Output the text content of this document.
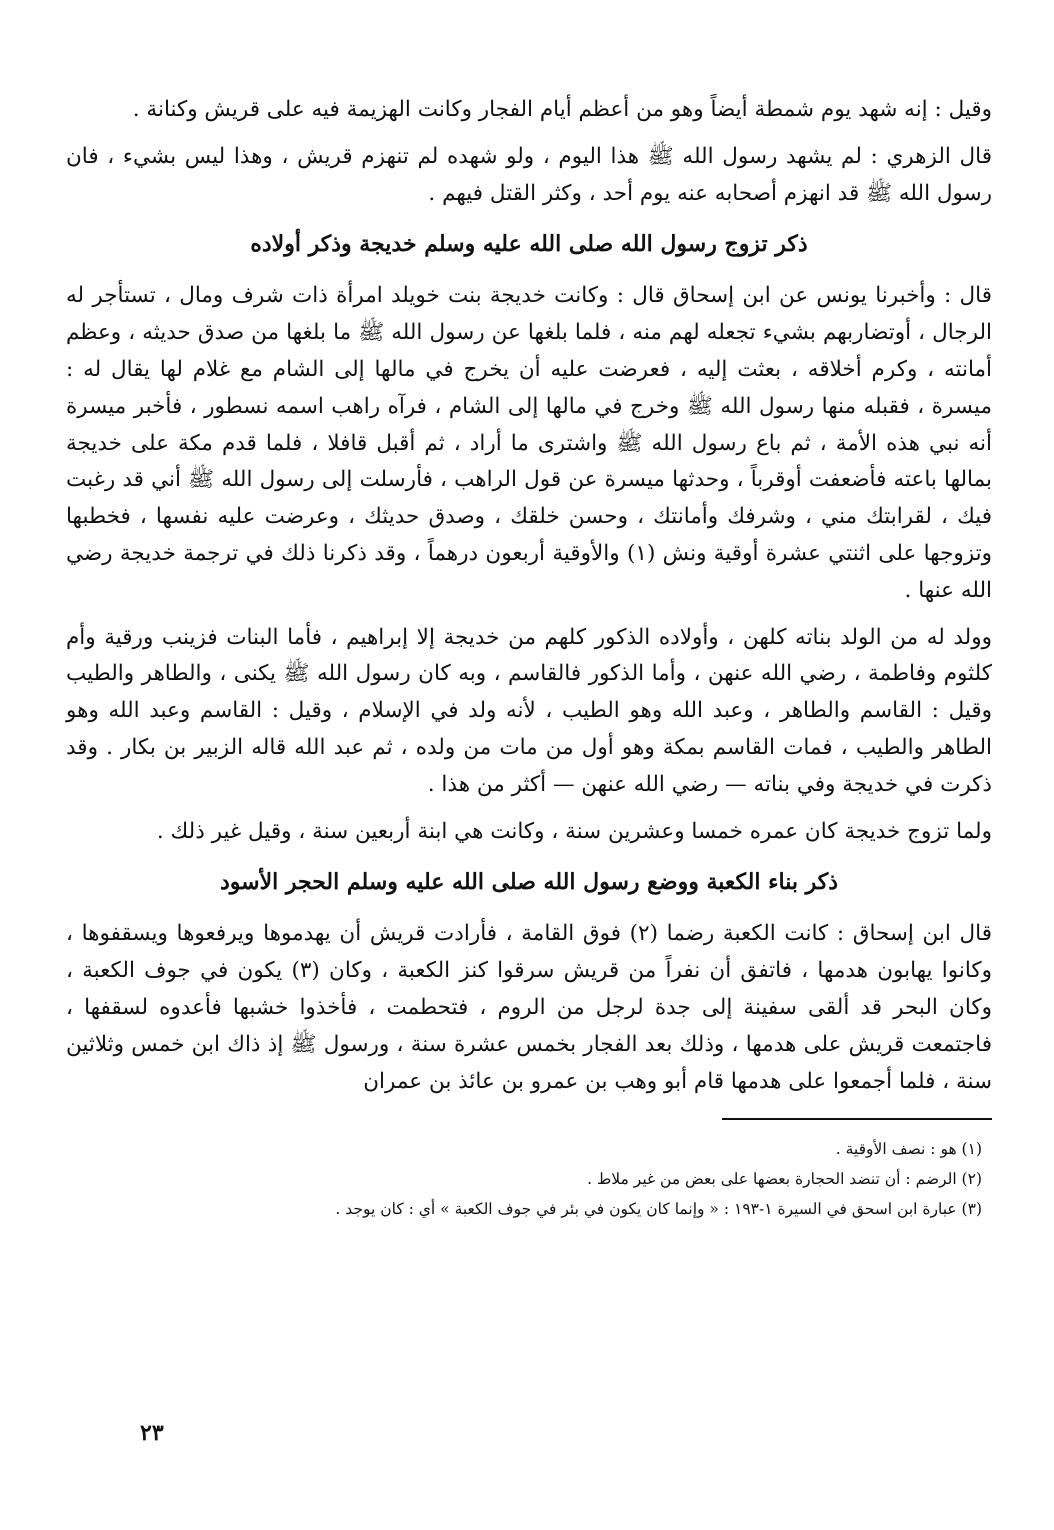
وقيل : إنه شهد يوم شمطة أيضاً وهو من أعظم أيام الفجار وكانت الهزيمة فيه على قريش وكنانة .

قال الزهري : لم يشهد رسول الله ﷺ هذا اليوم ، ولو شهده لم تنهزم قريش ، وهذا ليس بشيء ، فان رسول الله ﷺ قد انهزم أصحابه عنه يوم أحد ، وكثر القتل فيهم .

ذكر تزوج رسول الله صلى الله عليه وسلم خديجة وذكر أولاده

قال : وأخبرنا يونس عن ابن إسحاق قال : وكانت خديجة بنت خويلد امرأة ذات شرف ومال ، تستأجر له الرجال ، أوتضاربهم بشيء تجعله لهم منه ، فلما بلغها عن رسول الله ﷺ ما بلغها من صدق حديثه ، وعظم أمانته ، وكرم أخلاقه ، بعثت إليه ، فعرضت عليه أن يخرج في مالها إلى الشام مع غلام لها يقال له : ميسرة ، فقبله منها رسول الله ﷺ وخرج في مالها إلى الشام ، فرآه راهب اسمه نسطور ، فأخبر ميسرة أنه نبي هذه الأمة ، ثم باع رسول الله ﷺ واشترى ما أراد ، ثم أقبل قافلا ، فلما قدم مكة على خديجة بمالها باعته فأضعفت أوقرباً ، وحدثها ميسرة عن قول الراهب ، فأرسلت إلى رسول الله ﷺ أني قد رغبت فيك ، لقرابتك مني ، وشرفك وأمانتك ، وحسن خلقك ، وصدق حديثك ، وعرضت عليه نفسها ، فخطبها وتزوجها على اثنتي عشرة أوقية ونش (١) والأوقية أربعون درهماً ، وقد ذكرنا ذلك في ترجمة خديجة رضي الله عنها .

وولد له من الولد بناته كلهن ، وأولاده الذكور كلهم من خديجة إلا إبراهيم ، فأما البنات فزينب ورقية وأم كلثوم وفاطمة ، رضي الله عنهن ، وأما الذكور فالقاسم ، وبه كان رسول الله ﷺ يكنى ، والطاهر والطيب وقيل : القاسم والطاهر ، وعبد الله وهو الطيب ، لأنه ولد في الإسلام ، وقيل : القاسم وعبد الله وهو الطاهر والطيب ، فمات القاسم بمكة وهو أول من مات من ولده ، ثم عبد الله قاله الزبير بن بكار . وقد ذكرت في خديجة وفي بناته — رضي الله عنهن — أكثر من هذا .

ولما تزوج خديجة كان عمره خمسا وعشرين سنة ، وكانت هي ابنة أربعين سنة ، وقيل غير ذلك .

ذكر بناء الكعبة ووضع رسول الله صلى الله عليه وسلم الحجر الأسود

قال ابن إسحاق : كانت الكعبة رضما (٢) فوق القامة ، فأرادت قريش أن يهدموها ويرفعوها ويسقفوها ، وكانوا يهابون هدمها ، فاتفق أن نفراً من قريش سرقوا كنز الكعبة ، وكان (٣) يكون في جوف الكعبة ، وكان البحر قد ألقى سفينة إلى جدة لرجل من الروم ، فتحطمت ، فأخذوا خشبها فأعدوه لسقفها ، فاجتمعت قريش على هدمها ، وذلك بعد الفجار بخمس عشرة سنة ، ورسول ﷺ إذ ذاك ابن خمس وثلاثين سنة ، فلما أجمعوا على هدمها قام أبو وهب بن عمرو بن عائذ بن عمران

(١) هو : نصف الأوقية .
(٢) الرضم : أن تنضد الحجارة بعضها على بعض من غير ملاط .
(٣) عبارة ابن اسحق في السيرة ١-١٩٣ : « وإنما كان يكون في بئر في جوف الكعبة » أي : كان يوجد .
٢٣
